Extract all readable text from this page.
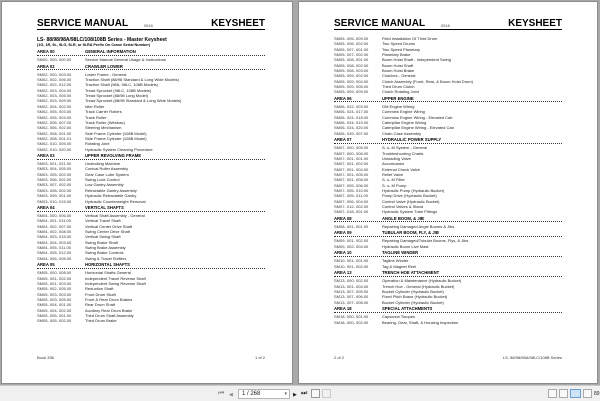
SERVICE MANUAL	0516	KEYSHEET
LS- 88/98/98A/98LC/108/108B Series - Master Keysheet
(1G, 1R, 9L, 9LG, 9LR, or 9LRA Prefix On Crane Serial Number)
AREA 00	GENERAL INFORMATION
SM00- 000- 000.00	Service Manual General Usage & Instructions
AREA 02	CRAWLER LOWER
SM02- 000- 003.00	Lower Frame - General
SM02- 002- 006.00	Traction Shaft (88/98 Standard & Long Wide Models)
SM02- 002- 012.00	Traction Shaft (98A, 98LC, 108B Models)
SM02- 003- 004.00	Tread Sprocket (98LC, 108B Models)
SM02- 003- 005.00	Tread Sprocket (88/98 Long Model)
SM02- 003- 009.00	Tread Sprocket (88/98 Standard & Long Wide Models)
SM02- 004- 002.00	Idler Roller
SM02- 005- 003.00	Track Carrier Rollers
SM02- 005- 004.00	Track Roller
SM02- 005- 007.00	Track Roller (Westrac)
SM02- 006- 002.00	Steering Mechanism
SM02- 008- 001.00	Side Frame Cylinder (108B Model)
SM02- 008- 001.01	Side Frame Cylinder (108B Model)
SM02- 010- 005.00	Rotating Joint
SM02- 010- 020.00	Hydraulic System Cleaning Procedure
AREA 03	UPPER REVOLVING FRAME
SM03- 001- 021.00	Undecking Machine
SM03- 004- 005.00	Conical Roller Assembly
SM03- 005- 002.00	Gear Case Lube System
SM03- 006- 002.00	Swing Lock Control
SM03- 007- 002.00	Low Gantry Assembly
SM03- 008- 002.00	Retractable Gantry Assembly
SM03- 009- 001.00	Hydraulic Retractable Gantry
SM03- 010- 015.00	Hydraulic Counterweight Removal
AREA 04	VERTICAL SHAFTS
SM04- 000- 006.00	Vertical Shaft Assembly - General
SM04- 001- 011.00	Vertical Travel Shaft
SM04- 002- 007.00	Vertical Center Drive Shaft
SM04- 002- 008.00	Swing Center Drive Shaft
SM04- 003- 015.00	Vertical Swing Shaft
SM04- 004- 003.00	Swing Brake Shaft
SM04- 005- 011.00	Swing Brake Assembly
SM04- 005- 012.00	Swing Brake Controls
SM04- 006- 005.00	Swing & Travel Shifters
AREA 05	HORIZONTAL SHAFTS
SM05- 000- 008.00	Horizontal Shafts General
SM05- 001- 002.00	Independent Travel Reverse Shaft
SM05- 001- 003.00	Independent Swing Reverse Shaft
SM05- 002- 005.00	Reduction Shaft
SM05- 003- 003.00	Front Drum Shaft
SM05- 003- 005.00	Front & Rear Drum Brakes
SM05- 004- 001.00	Rear Drum Shaft
SM05- 004- 002.00	Auxiliary Rear Drum Brake
SM05- 005- 001.00	Third Drum Shaft Assembly
SM05- 005- 002.00	Third Drum Brake
Book 336	1 of 2
SERVICE MANUAL	0516	KEYSHEET
SM05- 005- 009.00	Field Installation Of Third Drum
SM05- 006- 002.00	Two Speed Drums
SM05- 007- 001.00	Two Speed Planetary
SM05- 007- 002.00	Planetary Brake
SM05- 008- 001.00	Boom Hoist Shaft - Independent Swing
SM05- 008- 002.00	Boom Hoist Shaft
SM05- 008- 003.00	Boom Hoist Brake
SM05- 009- 002.00	Clutches - General
SM05- 009- 004.00	Clutch Assembly (Front, Rear, & Boom Hoist Drum)
SM05- 009- 005.00	Third Drum Clutch
SM05- 009- 009.00	Clutch Rotating Joint
AREA 06	UPPER ENGINE
SM06- 022- 003.00	GM Engine Wiring
SM06- 024- 017.00	Cummins Engine Wiring
SM06- 024- 018.00	Cummins Engine Wiring - Elevated Cab
SM06- 024- 019.00	Caterpillar Engine Wiring
SM06- 024- 020.00	Caterpillar Engine Wiring - Elevated Cab
SM06- 039- 007.00	Chain Case Assembly
AREA 07	HYDRAULIC POWER SUPPLY
SM07- 000- 005.00	S- s- M System - General
SM07- 000- 006.00	Troubleshooting Charts
SM07- 001- 001.00	Unloading Valve
SM07- 001- 002.00	Accumulator
SM07- 001- 004.00	External Check Valve
SM07- 001- 005.00	Relief Valve
SM07- 001- 008.00	S- s- M Filter
SM07- 005- 006.00	S- s- M Pump
SM07- 005- 010.00	Hydraulic Pump (Hydraulic Bucket)
SM07- 005- 011.00	Pump Drive (Hydraulic Bucket)
SM07- 006- 004.00	Control Valve (Hydraulic Bucket)
SM07- 012- 002.00	Control Valves & Stand
SM07- 018- 001.00	Hydraulic System Tube Fittings
AREA 08	ANGLE BOOM, & JIB
SM08- 001- 001.00	Repairing Damaged Angle Booms & Jibs
AREA 09	TUBULAR BOOM, FLY, & JIB
SM09- 001- 002.00	Repairing Damaged/Tubular Booms, Flys, & Jibs
SM09- 002- 004.00	Hydraulic Boom Live Mast
AREA 10	TAGLINE WINDER
SM10- 001- 001.00	Tagline Winder
SM10- 001- 002.00	Tag & Magnet Reel
AREA 13	TRENCH HOE ATTACHMENT
SM13- 000- 002.00	Operation & Maintenance (Hydraulic Bucket)
SM13- 001- 004.00	Trench Hoe - General (Hydraulic Bucket)
SM13- 007- 005.00	Bucket Cylinder (Hydraulic Bucket)
SM13- 007- 006.00	Fixed Pitch Brace (Hydraulic Bucket)
SM13- 007- 008.00	Bucket Cylinder (Hydraulic Bucket)
AREA 18	SPECIAL ATTACHMENTS
SM18- 000- 001.00	Capscrew Torques
SM18- 000- 002.00	Bearing, Gear, Shaft, & Housing Inspection
2 of 2	LS- 88/98/98A/98LC/108B Series
⏮ ◀	1 / 268	▾ ▶ ⏭	89
